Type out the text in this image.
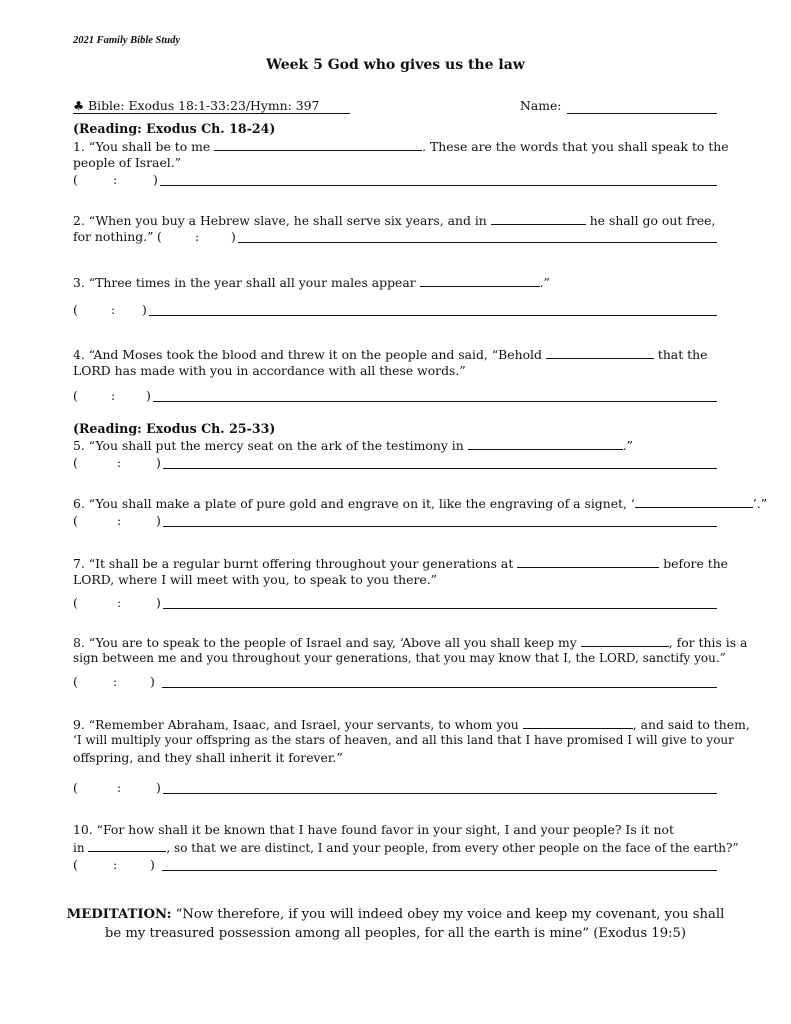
2021 Family Bible Study
Week 5 God who gives us the law
♣ Bible: Exodus 18:1-33:23/Hymn: 397	Name:
(Reading: Exodus Ch. 18-24)
1. “You shall be to me	. These are the words that you shall speak to the
people of Israel.”
2. “When you buy a Hebrew slave, he shall serve six years, and in	he shall go out free,
for nothing.”
3. “Three times in the year shall all your males appear	.”
4. “And Moses took the blood and threw it on the people and said, “Behold	that the
LORD has made with you in accordance with all these words.”
(Reading: Exodus Ch. 25-33)
5. “You shall put the mercy seat on the ark of the testimony in	.”
6. “You shall make a plate of pure gold and engrave on it, like the engraving of a signet, ‘	’.”
7. “It shall be a regular burnt offering throughout your generations at	before the
LORD, where I will meet with you, to speak to you there.”
8. “You are to speak to the people of Israel and say, ‘Above all you shall keep my	, for this is a
sign between me and you throughout your generations, that you may know that I, the LORD, sanctify you.”
9. “Remember Abraham, Isaac, and Israel, your servants, to whom you	, and said to them,
‘I will multiply your offspring as the stars of heaven, and all this land that I have promised I will give to your
offspring, and they shall inherit it forever.”
10. “For how shall it be known that I have found favor in your sight, I and your people? Is it not
in	, so that we are distinct, I and your people, from every other people on the face of the earth?”
(	:	)
(	:	)
(	: )
(	: )
(	:	)
(	:	)
(	:	)
(	:	)
(	:	)
(	:	)
MEDITATION: “Now therefore, if you will indeed obey my voice and keep my covenant, you shall
be my treasured possession among all peoples, for all the earth is mine” (Exodus 19:5)
